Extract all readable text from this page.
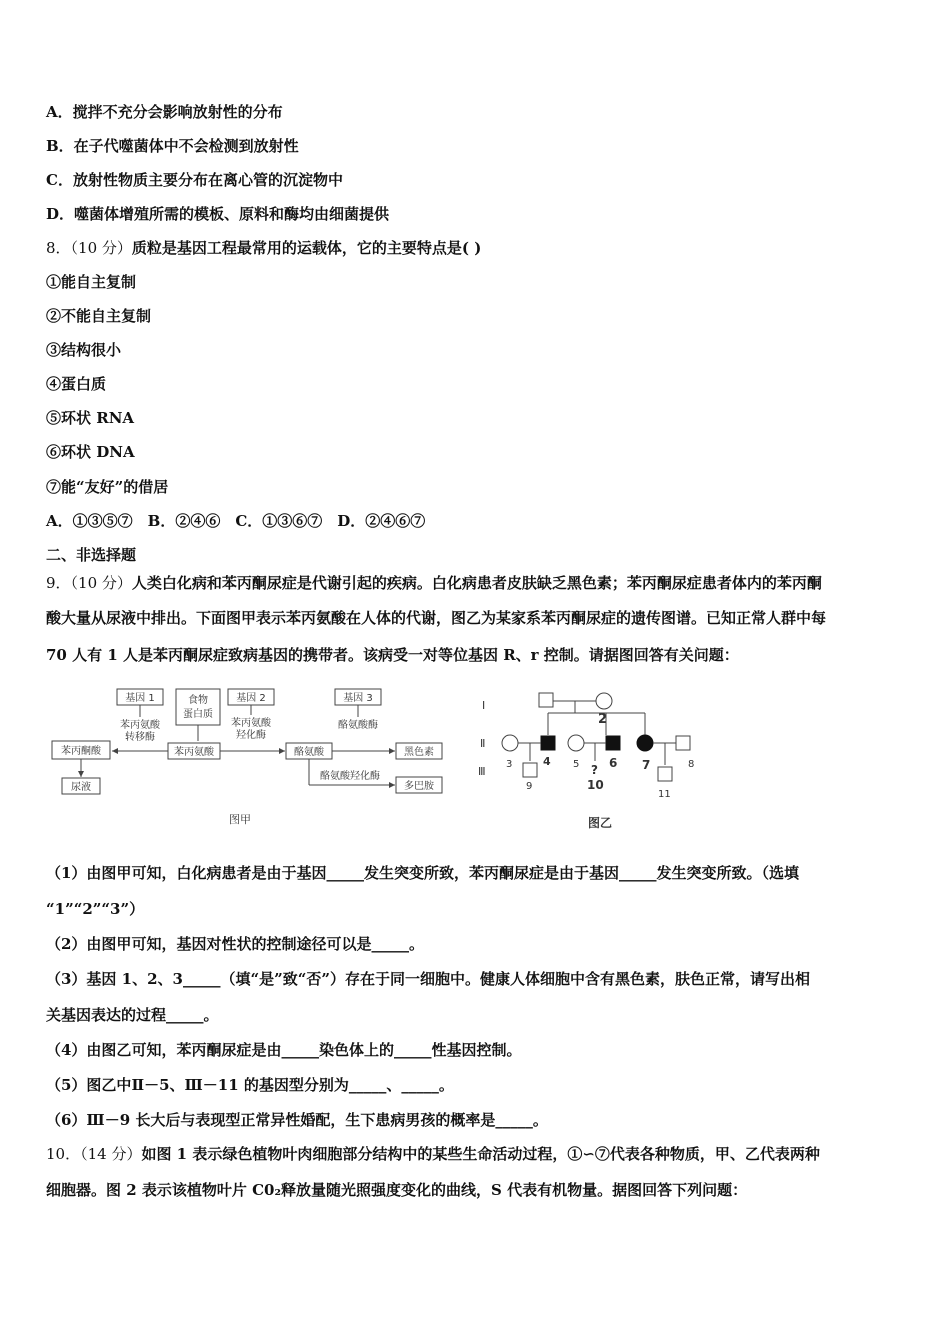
A．搅拌不充分会影响放射性的分布
B．在子代噬菌体中不会检测到放射性
C．放射性物质主要分布在离心管的沉淀物中
D．噬菌体增殖所需的模板、原料和酶均由细菌提供
8．（10 分）质粒是基因工程最常用的运载体，它的主要特点是( )
①能自主复制
②不能自主复制
③结构很小
④蛋白质
⑤环状 RNA
⑥环状 DNA
⑦能“友好”的借居
A．①③⑤⑦　B．②④⑥　C．①③⑥⑦　D．②④⑥⑦
二、非选择题
9．（10 分）人类白化病和苯丙酮尿症是代谢引起的疾病。白化病患者皮肤缺乏黑色素；苯丙酮尿症患者体内的苯丙酮
酸大量从尿液中排出。下面图甲表示苯丙氨酸在人体的代谢，图乙为某家系苯丙酮尿症的遗传图谱。已知正常人群中每
70 人有 1 人是苯丙酮尿症致病基因的携带者。该病受一对等位基因 R、r 控制。请据图回答有关问题：
基因 1
苯丙氨酸
转移酶
食物
蛋白质
基因 2
苯丙氨酸
羟化酶
基因 3
酪氨酸酶
苯丙酮酸	苯丙氨酸	酪氨酸	黑色素
尿液
酪氨酸羟化酶
多巴胺
图甲
Ⅰ
Ⅱ
Ⅲ
2
3	4 5 6 7	8
9
?
10
11
图乙
（1）由图甲可知，白化病患者是由于基因_____发生突变所致，苯丙酮尿症是由于基因_____发生突变所致。（选填
“1”“2”“3”）
（2）由图甲可知，基因对性状的控制途径可以是_____。
（3）基因 1、2、3_____（填“是”致“否”）存在于同一细胞中。健康人体细胞中含有黑色素，肤色正常，请写出相
关基因表达的过程_____。
（4）由图乙可知，苯丙酮尿症是由_____染色体上的_____性基因控制。
（5）图乙中Ⅱ－5、Ⅲ－11 的基因型分别为_____、_____。
（6）Ⅲ－9 长大后与表现型正常异性婚配，生下患病男孩的概率是_____。
10．（14 分）如图 1 表示绿色植物叶肉细胞部分结构中的某些生命活动过程，①∽⑦代表各种物质，甲、乙代表两种
细胞器。图 2 表示该植物叶片 C0₂释放量随光照强度变化的曲线，S 代表有机物量。据图回答下列问题：
